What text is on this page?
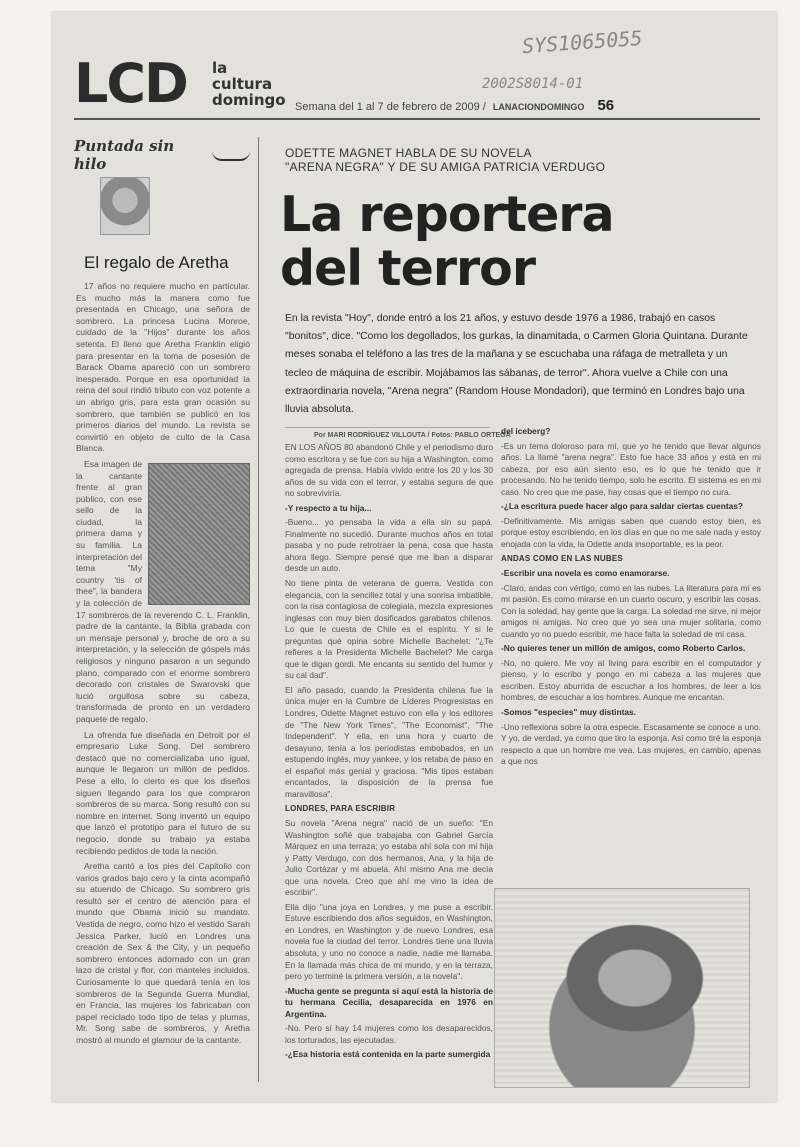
SYS1065055
2002S8014-01
LCD la
cultura
domingo Semana del 1 al 7 de febrero de 2009 / LANACIONDOMINGO 56
Puntada sin hilo
El regalo de Aretha

17 años no requiere mucho en particular. Es mucho más la manera como fue presentada en Chicago, una señora de sombrero. La princesa Lucina Monroe, cuidado de la "Hijos" durante los años setenta. El lleno que Aretha Franklin eligió para presentar en la toma de posesión de Barack Obama apareció con un sombrero inesperado. Porque en esa oportunidad la reina del soul rindió tributo con voz potente a un abrigo gris, para esta gran ocasión su sombrero, que también se publicó en los primeros diarios del mundo. La revista se convirtió en objeto de culto de la Casa Blanca.

Esa imagen de la cantante frente al gran público, con ese sello de la ciudad, la primera dama y su familia. La interpretación del tema "My country 'tis of thee", la bandera y la colección de 17 sombreros de la reverendo C. L. Franklin, padre de la cantante, la Biblia grabada con un mensaje personal y, broche de oro a su interpretación, y la selección de góspels más religiosos y ninguno pasaron a un segundo plano, comparado con el enorme sombrero decorado con cristales de Swarovski que lució orgullosa sobre su cabeza, transformada de pronto en un verdadero paquete de regalo.

La ofrenda fue diseñada en Detroit por el empresario Luke Song. Del sombrero destacó que no comercializaba uno igual, aunque le llegaron un millón de pedidos. Pese a ello, lo cierto es que los diseños siguen llegando para los que compraron sombreros de su marca. Song resultó con su nombre en internet. Song inventó un equipo que lanzó el prototipo para el futuro de su negocio, donde su trabajo ya estaba recibiendo pedidos de toda la nación.

Aretha cantó a los pies del Capitolio con varios grados bajo cero y la cinta acompañó su atuendo de Chicago. Su sombrero gris resultó ser el centro de atención para el mundo que Obama inició su mandato. Vestida de negro, como hizo el vestido Sarah Jessica Parker, lució en Londres una creación de Sex & the City, y un pequeño sombrero entonces adornado con un gran lazo de cristal y flor, con manteles incluidos. Curiosamente lo que quedará tenía en los sombreros de la Segunda Guerra Mundial, en Francia, las mujeres los fabricaban con papel reciclado todo tipo de telas y plumas, Mr. Song sabe de sombreros, y Aretha mostró al mundo el glamour de la cantante.

ODETTE MAGNET HABLA DE SU NOVELA
"ARENA NEGRA" Y DE SU AMIGA PATRICIA VERDUGO
La reportera
del terror
En la revista "Hoy", donde entró a los 21 años, y estuvo desde 1976 a 1986, trabajó en casos "bonitos", dice. "Como los degollados, los gurkas, la dinamitada, o Carmen Gloria Quintana. Durante meses sonaba el teléfono a las tres de la mañana y se escuchaba una ráfaga de metralleta y un tecleo de máquina de escribir. Mojábamos las sábanas, de terror". Ahora vuelve a Chile con una extraordinaria novela, "Arena negra" (Random House Mondadori), que terminó en Londres bajo una lluvia absoluta.
Por MARI RODRÍGUEZ VILLOUTA / Fotos: PABLO ORTEGA

EN LOS AÑOS 80 abandonó Chile y el periodismo duro como escritora y se fue con su hija a Washington, como agregada de prensa. Había vivido entre los 20 y los 30 años de su vida con el terror, y estaba segura de que no sobreviviría.

-Y respecto a tu hija...

-Bueno... yo pensaba la vida a ella sin su papá. Finalmente no sucedió. Durante muchos años en total pasaba y no pude retrotraer la pena, cosa que hasta ahora llego. Siempre pensé que me iban a disparar desde un auto.

No tiene pinta de veterana de guerra. Vestida con elegancia, con la sencillez total y una sonrisa imbatible, con la risa contagiosa de colegiala, mezcla expresiones inglesas con muy bien dosificados garabatos chilenos. Lo que le cuesta de Chile es el espíritu. Y si le preguntas qué opina sobre Michelle Bachelet: "¿Te refieres a la Presidenta Michelle Bachelet? Me carga que le digan gordi. Me encanta su sentido del humor y su cal dad".

El año pasado, cuando la Presidenta chilena fue la única mujer en la Cumbre de Líderes Progresistas en Londres, Odette Magnet estuvo con ella y los editores de "The New York Times", "The Economist", "The Independent". Y ella, en una hora y cuarto de desayuno, tenía a los periodistas embobados, en un estupendo inglés, muy yankee, y los retaba de paso en el español más genial y graciosa. "Mis tipos estaban encantados, la disposición de la prensa fue maravillosa".

LONDRES, PARA ESCRIBIR

Su novela "Arena negra" nació de un sueño: "En Washington soñé que trabajaba con Gabriel García Márquez en una terraza; yo estaba ahí sola con mi hija y Patty Verdugo, con dos hermanos, Ana, y la hija de Julio Cortázar y mi abuela. Ahí mismo Ana me decía que una novela. Creo que ahí me vino la idea de escribir".

Ella dijo "una joya en Londres, y me puse a escribir. Estuve escribiendo dos años seguidos, en Washington, en Londres, en Washington y de nuevo Londres, esa novela fue la ciudad del terror. Londres tiene una lluvia absoluta, y uno no conoce a nadie, nadie me llamaba. En la llamada más chica de mi mundo, y en la terraza, pero yo terminé la primera versión, a la novela".

-Mucha gente se pregunta si aquí está la historia de tu hermana Cecilia, desaparecida en 1976 en Argentina.

-No. Pero sí hay 14 mujeres como los desaparecidos, los torturados, las ejecutadas.

-¿Esa historia está contenida en la parte sumergida

del iceberg?

-Es un tema doloroso para mí, que yo he tenido que llevar algunos años. La llamé "arena negra". Esto fue hace 33 años y está en mi cabeza, por eso aún siento eso, es lo que he tenido que ir procesando. No he tenido tiempo, solo he escrito. El sistema es en mi caso. No creo que me pase, hay cosas que el tiempo no cura.

-¿La escritura puede hacer algo para saldar ciertas cuentas?

-Definitivamente. Mis amigas saben que cuando estoy bien, es porque estoy escribiendo, en los días en que no me sale nada y estoy enojada con la vida, la Odette anda insoportable, es la peor.

ANDAS COMO EN LAS NUBES

-Escribir una novela es como enamorarse.

-Claro, andas con vértigo, como en las nubes. La literatura para mí es mi pasión. Es como mirarse en un cuarto oscuro, y escribir las cosas. Con la soledad, hay gente que la carga. La soledad me sirve, ni mejor amigos ni amigas. No creo que yo sea una mujer solitaria, como cuando yo no puedo escribir, me hace falta la soledad de mi casa.

-No quieres tener un millón de amigos, como Roberto Carlos.

-No, no quiero. Me voy al living para escribir en el computador y pienso, y lo escribo y pongo en mi cabeza a las mujeres que escriben. Estoy aburrida de escuchar a los hombres, de leer a los hombres, de escuchar a los hombres. Aunque me encantan.

-Somos "especies" muy distintas.

-Uno reflexiona sobre la otra especie. Escasamente se conoce a uno. Y yo, de verdad, ya como que tiro la esponja. Así como tiré la esponja respecto a que un hombre me vea. Las mujeres, en cambio, apenas a que nos
